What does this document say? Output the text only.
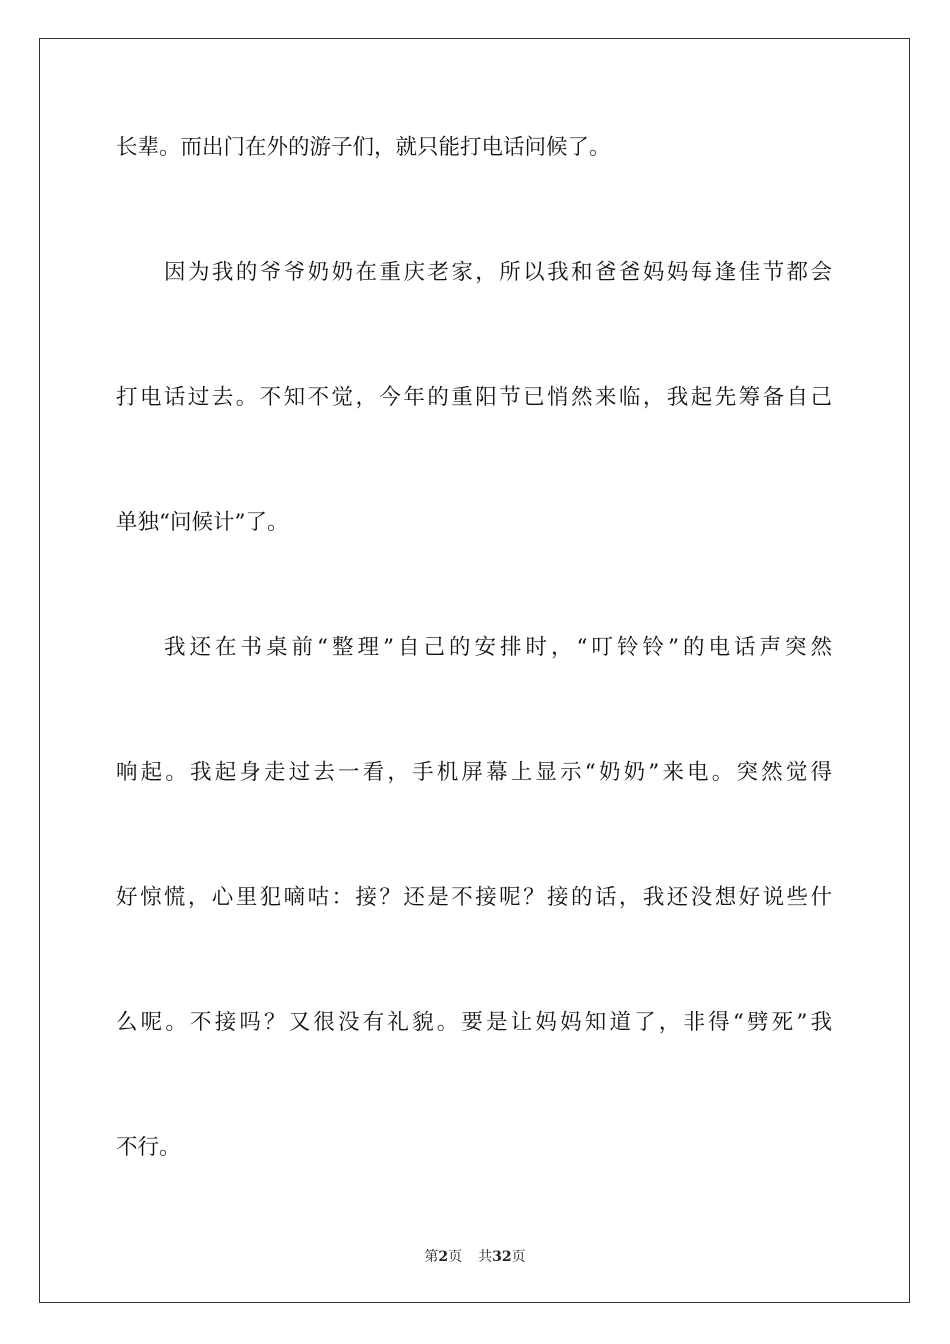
长辈。而出门在外的游子们，就只能打电话问候了。
因为我的爷爷奶奶在重庆老家，所以我和爸爸妈妈每逢佳节都会
打电话过去。不知不觉，今年的重阳节已悄然来临，我起先筹备自己
单独“问候计”了。
我还在书桌前“整理”自己的安排时，“叮铃铃”的电话声突然
响起。我起身走过去一看，手机屏幕上显示“奶奶”来电。突然觉得
好惊慌，心里犯嘀咕：接？还是不接呢？接的话，我还没想好说些什
么呢。不接吗？又很没有礼貌。要是让妈妈知道了，非得“劈死”我
不行。
第2页 共32页
